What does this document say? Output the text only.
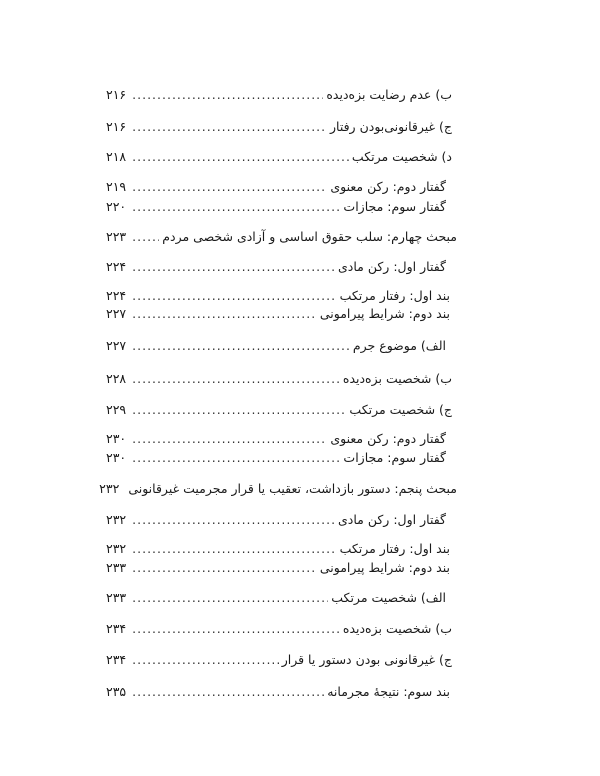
ب) عدم رضایت بزه‌دیده
.....
۲۱۶
ج) غیرقانونی‌بودن رفتار
.....
۲۱۶
د) شخصیت مرتکب
.....
۲۱۸
گفتار دوم: رکن معنوی
.....
۲۱۹
گفتار سوم: مجازات
.....
۲۲۰
مبحث چهارم: سلب حقوق اساسی و آزادی شخصی مردم
.....
۲۲۳
گفتار اول: رکن مادی
.....
۲۲۴
بند اول: رفتار مرتکب
.....
۲۲۴
بند دوم: شرایط پیرامونی
.....
۲۲۷
الف) موضوع جرم
.....
۲۲۷
ب) شخصیت بزه‌دیده
.....
۲۲۸
ج) شخصیت مرتکب
.....
۲۲۹
گفتار دوم: رکن معنوی
.....
۲۳۰
گفتار سوم: مجازات
.....
۲۳۰
مبحث پنجم: دستور بازداشت، تعقیب یا قرار مجرمیت غیرقانونی
۲۳۲
گفتار اول: رکن مادی
.....
۲۳۲
بند اول: رفتار مرتکب
.....
۲۳۲
بند دوم: شرایط پیرامونی
.....
۲۳۳
الف) شخصیت مرتکب
.....
۲۳۳
ب) شخصیت بزه‌دیده
.....
۲۳۴
ج) غیرقانونی بودن دستور یا قرار
.....
۲۳۴
بند سوم: نتیجهٔ مجرمانه
.....
۲۳۵
